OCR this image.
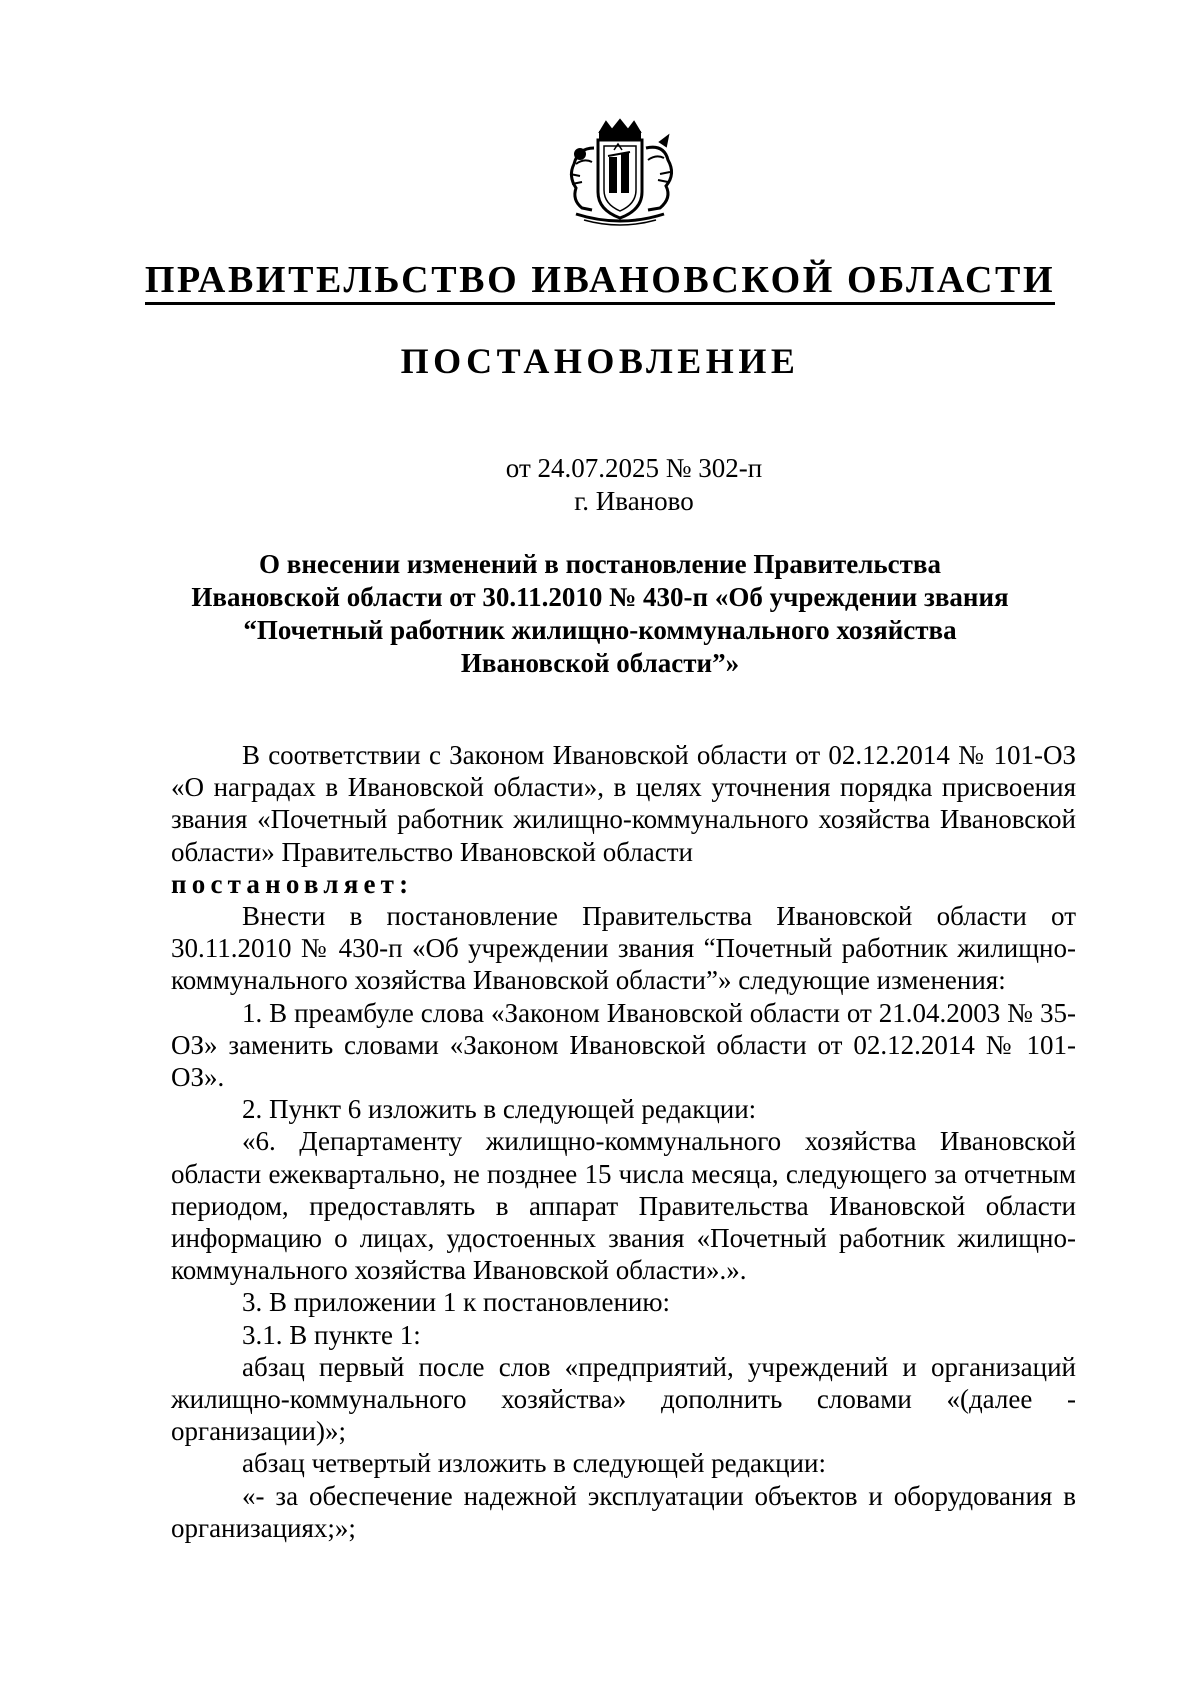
ПРАВИТЕЛЬСТВО ИВАНОВСКОЙ ОБЛАСТИ
ПОСТАНОВЛЕНИЕ
от 24.07.2025 № 302-п
г. Иваново
О внесении изменений в постановление Правительства
Ивановской области от 30.11.2010 № 430-п «Об учреждении звания
“Почетный работник жилищно-коммунального хозяйства
Ивановской области”»

В соответствии с Законом Ивановской области от 02.12.2014 № 101-ОЗ «О наградах в Ивановской области», в целях уточнения порядка присвоения звания «Почетный работник жилищно-коммунального хозяйства Ивановской области» Правительство Ивановской области

постановляет:

Внести в постановление Правительства Ивановской области от 30.11.2010 № 430-п «Об учреждении звания “Почетный работник жилищно-коммунального хозяйства Ивановской области”» следующие изменения:

1. В преамбуле слова «Законом Ивановской области от 21.04.2003 № 35-ОЗ» заменить словами «Законом Ивановской области от 02.12.2014 № 101-ОЗ».

2. Пункт 6 изложить в следующей редакции:

«6. Департаменту жилищно-коммунального хозяйства Ивановской области ежеквартально, не позднее 15 числа месяца, следующего за отчетным периодом, предоставлять в аппарат Правительства Ивановской области информацию о лицах, удостоенных звания «Почетный работник жилищно-коммунального хозяйства Ивановской области».».

3. В приложении 1 к постановлению:

3.1. В пункте 1:

абзац первый после слов «предприятий, учреждений и организаций жилищно-коммунального хозяйства» дополнить словами «(далее - организации)»;

абзац четвертый изложить в следующей редакции:

«- за обеспечение надежной эксплуатации объектов и оборудования в организациях;»;
